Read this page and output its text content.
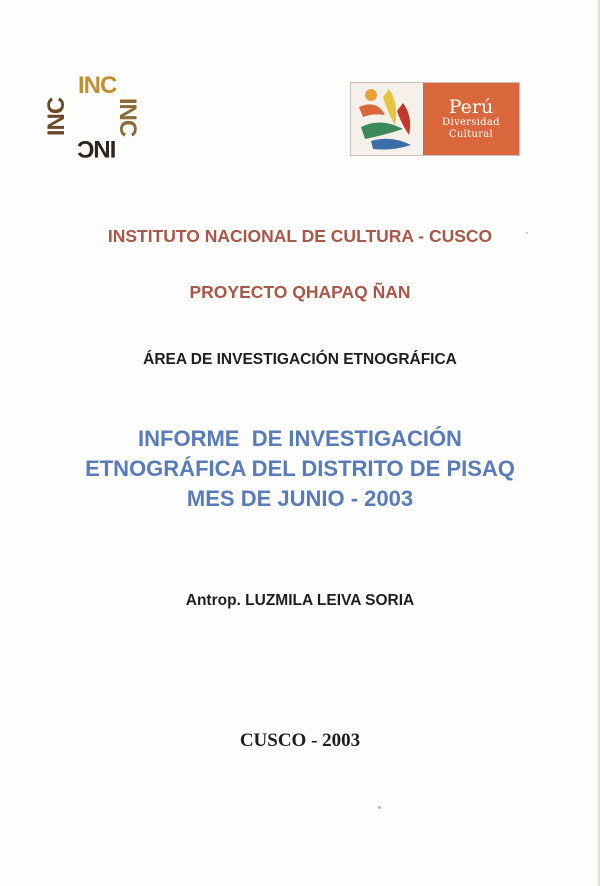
INC
INC
INC
INC	Perú
Diversidad
Cultural
INSTITUTO NACIONAL DE CULTURA - CUSCO
PROYECTO QHAPAQ ÑAN
ÁREA DE INVESTIGACIÓN ETNOGRÁFICA
INFORME  DE INVESTIGACIÓN
ETNOGRÁFICA DEL DISTRITO DE PISAQ
MES DE JUNIO - 2003
Antrop. LUZMILA LEIVA SORIA
CUSCO - 2003
